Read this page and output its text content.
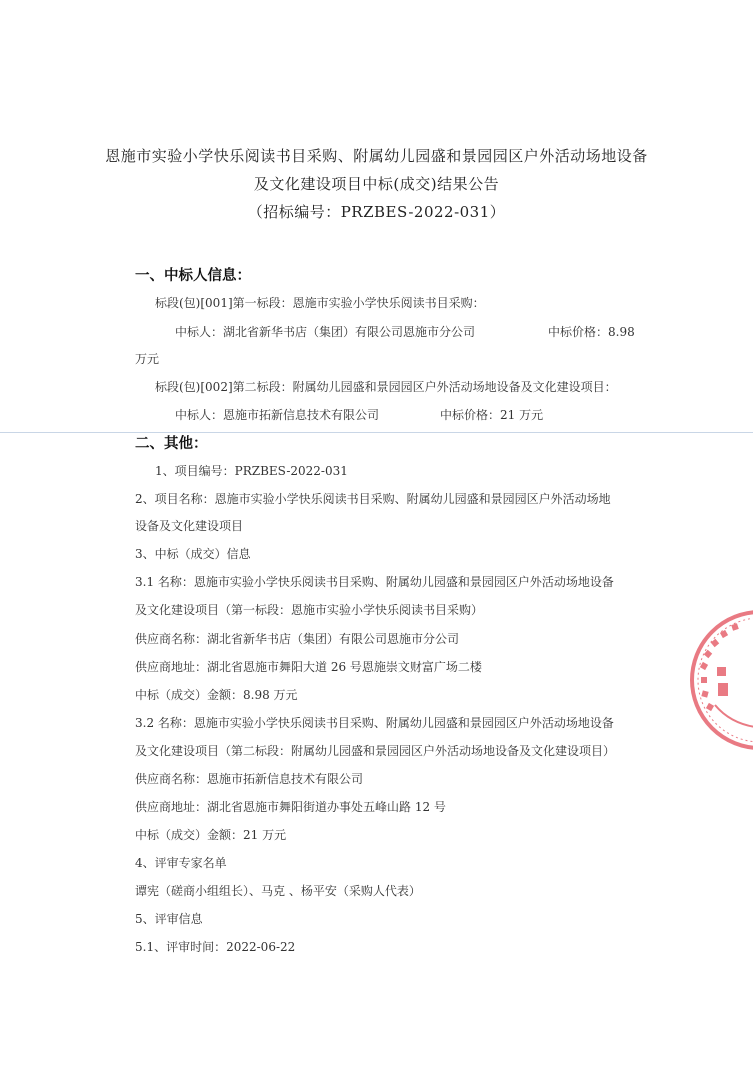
恩施市实验小学快乐阅读书目采购、附属幼儿园盛和景园园区户外活动场地设备
及文化建设项目中标(成交)结果公告
（招标编号：PRZBES-2022-031）
一、中标人信息：
标段(包)[001]第一标段：恩施市实验小学快乐阅读书目采购：
中标人：湖北省新华书店（集团）有限公司恩施市分公司	中标价格：8.98
万元
标段(包)[002]第二标段：附属幼儿园盛和景园园区户外活动场地设备及文化建设项目：
中标人：恩施市拓新信息技术有限公司	中标价格：21 万元
二、其他：
1、项目编号：PRZBES-2022-031
2、项目名称：恩施市实验小学快乐阅读书目采购、附属幼儿园盛和景园园区户外活动场地
设备及文化建设项目
3、中标（成交）信息
3.1 名称：恩施市实验小学快乐阅读书目采购、附属幼儿园盛和景园园区户外活动场地设备
及文化建设项目（第一标段：恩施市实验小学快乐阅读书目采购）
供应商名称：湖北省新华书店（集团）有限公司恩施市分公司
供应商地址：湖北省恩施市舞阳大道 26 号恩施崇文财富广场二楼
中标（成交）金额：8.98 万元
3.2 名称：恩施市实验小学快乐阅读书目采购、附属幼儿园盛和景园园区户外活动场地设备
及文化建设项目（第二标段：附属幼儿园盛和景园园区户外活动场地设备及文化建设项目）
供应商名称：恩施市拓新信息技术有限公司
供应商地址：湖北省恩施市舞阳街道办事处五峰山路 12 号
中标（成交）金额：21 万元
4、评审专家名单
谭宪（磋商小组组长）、马克 、杨平安（采购人代表）
5、评审信息
5.1、评审时间：2022-06-22
